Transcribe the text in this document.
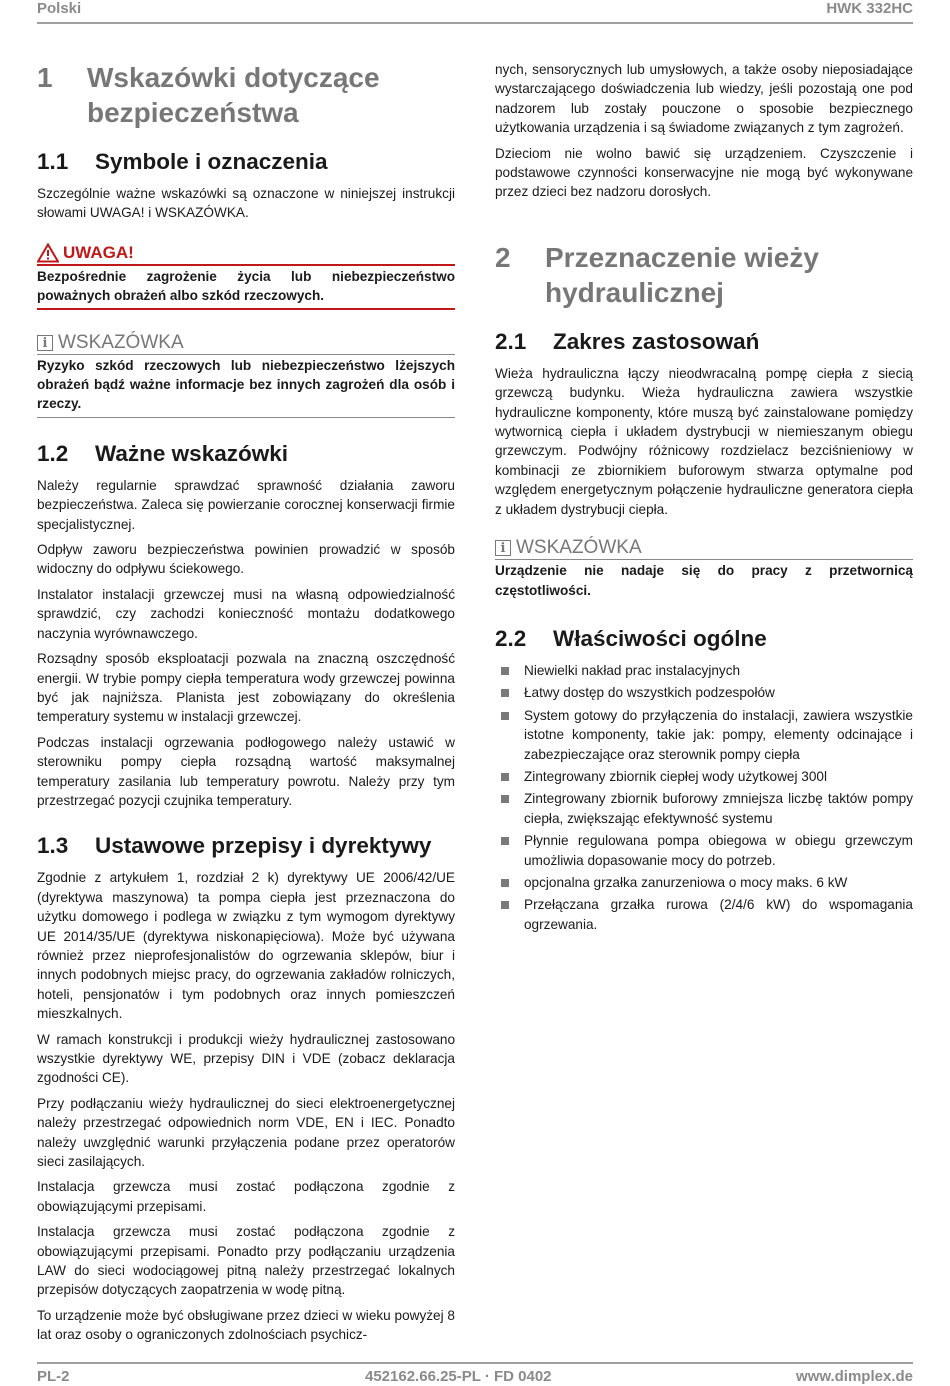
Polski	HWK 332HC
1	Wskazówki dotyczące bezpieczeństwa
1.1	Symbole i oznaczenia
Szczególnie ważne wskazówki są oznaczone w niniejszej instrukcji słowami UWAGA! i WSKAZÓWKA.
UWAGA!
Bezpośrednie zagrożenie życia lub niebezpieczeństwo poważnych obrażeń albo szkód rzeczowych.
i WSKAZÓWKA
Ryzyko szkód rzeczowych lub niebezpieczeństwo lżejszych obrażeń bądź ważne informacje bez innych zagrożeń dla osób i rzeczy.
1.2	Ważne wskazówki
Należy regularnie sprawdzać sprawność działania zaworu bezpieczeństwa. Zaleca się powierzanie corocznej konserwacji firmie specjalistycznej.
Odpływ zaworu bezpieczeństwa powinien prowadzić w sposób widoczny do odpływu ściekowego.
Instalator instalacji grzewczej musi na własną odpowiedzialność sprawdzić, czy zachodzi konieczność montażu dodatkowego naczynia wyrównawczego.
Rozsądny sposób eksploatacji pozwala na znaczną oszczędność energii. W trybie pompy ciepła temperatura wody grzewczej powinna być jak najniższa. Planista jest zobowiązany do określenia temperatury systemu w instalacji grzewczej.
Podczas instalacji ogrzewania podłogowego należy ustawić w sterowniku pompy ciepła rozsądną wartość maksymalnej temperatury zasilania lub temperatury powrotu. Należy przy tym przestrzegać pozycji czujnika temperatury.
1.3	Ustawowe przepisy i dyrektywy
Zgodnie z artykułem 1, rozdział 2 k) dyrektywy UE 2006/42/UE (dyrektywa maszynowa) ta pompa ciepła jest przeznaczona do użytku domowego i podlega w związku z tym wymogom dyrektywy UE 2014/35/UE (dyrektywa niskonapięciowa). Może być używana również przez nieprofesjonalistów do ogrzewania sklepów, biur i innych podobnych miejsc pracy, do ogrzewania zakładów rolniczych, hoteli, pensjonatów i tym podobnych oraz innych pomieszczeń mieszkalnych.
W ramach konstrukcji i produkcji wieży hydraulicznej zastosowano wszystkie dyrektywy WE, przepisy DIN i VDE (zobacz deklaracja zgodności CE).
Przy podłączaniu wieży hydraulicznej do sieci elektroenergetycznej należy przestrzegać odpowiednich norm VDE, EN i IEC. Ponadto należy uwzględnić warunki przyłączenia podane przez operatorów sieci zasilających.
Instalacja grzewcza musi zostać podłączona zgodnie z obowiązującymi przepisami.
Instalacja grzewcza musi zostać podłączona zgodnie z obowiązującymi przepisami. Ponadto przy podłączaniu urządzenia LAW do sieci wodociągowej pitną należy przestrzegać lokalnych przepisów dotyczących zaopatrzenia w wodę pitną.
To urządzenie może być obsługiwane przez dzieci w wieku powyżej 8 lat oraz osoby o ograniczonych zdolnościach psychicz-
nych, sensorycznych lub umysłowych, a także osoby nieposiadające wystarczającego doświadczenia lub wiedzy, jeśli pozostają one pod nadzorem lub zostały pouczone o sposobie bezpiecznego użytkowania urządzenia i są świadome związanych z tym zagrożeń.
Dzieciom nie wolno bawić się urządzeniem. Czyszczenie i podstawowe czynności konserwacyjne nie mogą być wykonywane przez dzieci bez nadzoru dorosłych.
2	Przeznaczenie wieży hydraulicznej
2.1	Zakres zastosowań
Wieża hydrauliczna łączy nieodwracalną pompę ciepła z siecią grzewczą budynku. Wieża hydrauliczna zawiera wszystkie hydrauliczne komponenty, które muszą być zainstalowane pomiędzy wytwornicą ciepła i układem dystrybucji w niemieszanym obiegu grzewczym. Podwójny różnicowy rozdzielacz bezciśnieniowy w kombinacji ze zbiornikiem buforowym stwarza optymalne pod względem energetycznym połączenie hydrauliczne generatora ciepła z układem dystrybucji ciepła.
i WSKAZÓWKA
Urządzenie nie nadaje się do pracy z przetwornicą częstotliwości.
2.2	Właściwości ogólne
Niewielki nakład prac instalacyjnych
Łatwy dostęp do wszystkich podzespołów
System gotowy do przyłączenia do instalacji, zawiera wszystkie istotne komponenty, takie jak: pompy, elementy odcinające i zabezpieczające oraz sterownik pompy ciepła
Zintegrowany zbiornik ciepłej wody użytkowej 300l
Zintegrowany zbiornik buforowy zmniejsza liczbę taktów pompy ciepła, zwiększając efektywność systemu
Płynnie regulowana pompa obiegowa w obiegu grzewczym umożliwia dopasowanie mocy do potrzeb.
opcjonalna grzałka zanurzeniowa o mocy maks. 6 kW
Przełączana grzałka rurowa (2/4/6 kW) do wspomagania ogrzewania.
PL-2	452162.66.25-PL · FD 0402	www.dimplex.de
